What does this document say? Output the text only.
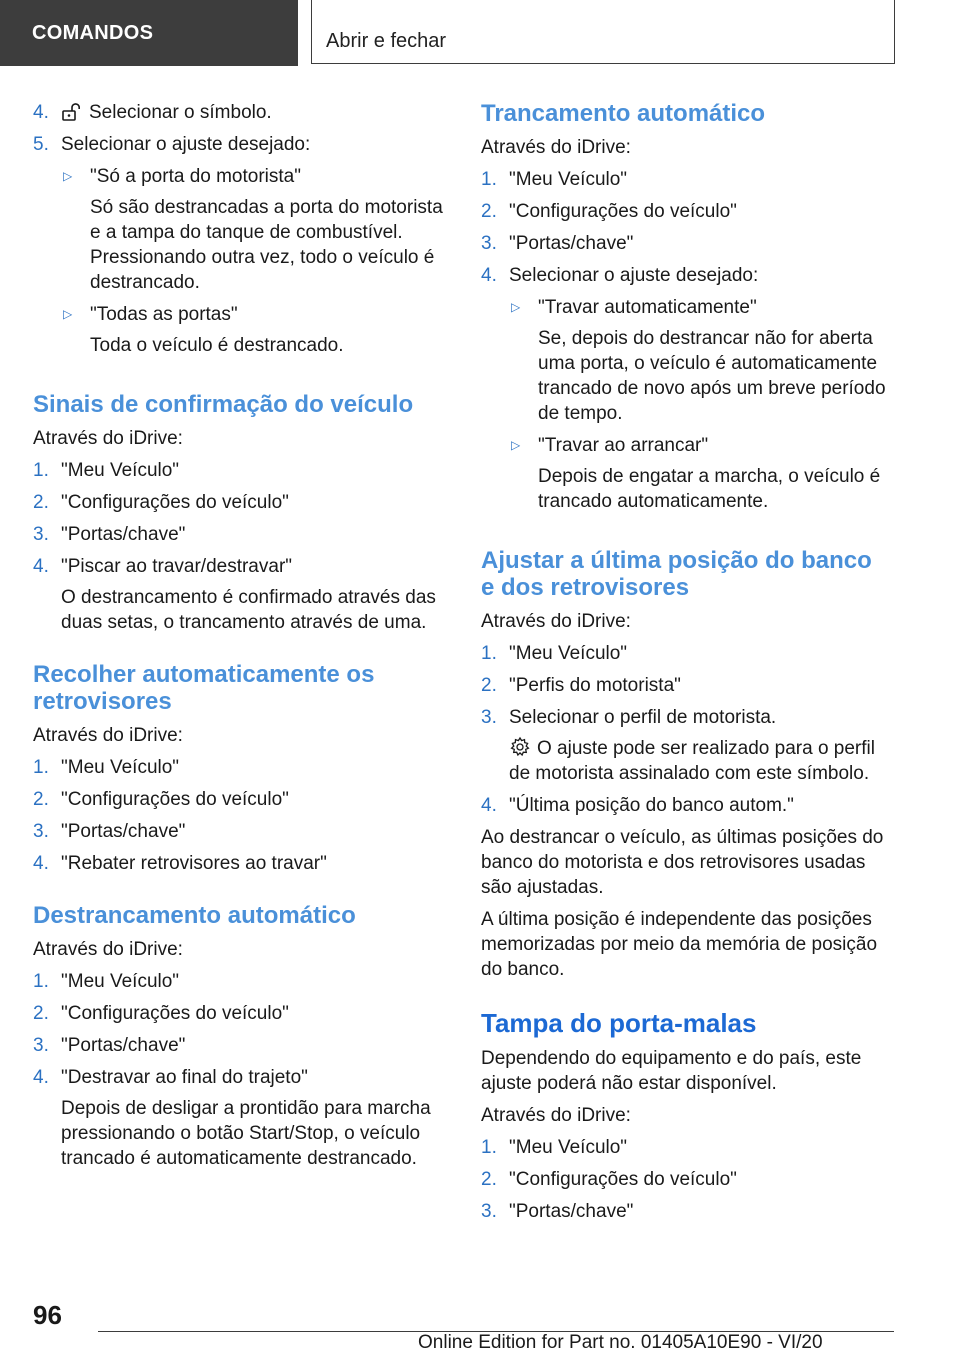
COMANDOS	Abrir e fechar
4.	Selecionar o símbolo.
5. Selecionar o ajuste desejado:
▷ "Só a porta do motorista"
Só são destrancadas a porta do motorista e a tampa do tanque de combustível. Pressionando outra vez, todo o veículo é destrancado.
▷ "Todas as portas"
Toda o veículo é destrancado.
Sinais de confirmação do veículo
Através do iDrive:
1. "Meu Veículo"
2. "Configurações do veículo"
3. "Portas/chave"
4. "Piscar ao travar/destravar"
O destrancamento é confirmado através das duas setas, o trancamento através de uma.
Recolher automaticamente os retrovisores
Através do iDrive:
1. "Meu Veículo"
2. "Configurações do veículo"
3. "Portas/chave"
4. "Rebater retrovisores ao travar"
Destrancamento automático
Através do iDrive:
1. "Meu Veículo"
2. "Configurações do veículo"
3. "Portas/chave"
4. "Destravar ao final do trajeto"
Depois de desligar a prontidão para marcha pressionando o botão Start/Stop, o veículo trancado é automaticamente destrancado.
Trancamento automático
Através do iDrive:
1. "Meu Veículo"
2. "Configurações do veículo"
3. "Portas/chave"
4. Selecionar o ajuste desejado:
▷ "Travar automaticamente"
Se, depois do destrancar não for aberta uma porta, o veículo é automaticamente trancado de novo após um breve período de tempo.
▷ "Travar ao arrancar"
Depois de engatar a marcha, o veículo é trancado automaticamente.
Ajustar a última posição do banco e dos retrovisores
Através do iDrive:
1. "Meu Veículo"
2. "Perfis do motorista"
3. Selecionar o perfil de motorista.
O ajuste pode ser realizado para o perfil de motorista assinalado com este símbolo.
4. "Última posição do banco autom."
Ao destrancar o veículo, as últimas posições do banco do motorista e dos retrovisores usadas são ajustadas.
A última posição é independente das posições memorizadas por meio da memória de posição do banco.
Tampa do porta-malas
Dependendo do equipamento e do país, este ajuste poderá não estar disponível.
Através do iDrive:
1. "Meu Veículo"
2. "Configurações do veículo"
3. "Portas/chave"
96
Online Edition for Part no. 01405A10E90 - VI/20
